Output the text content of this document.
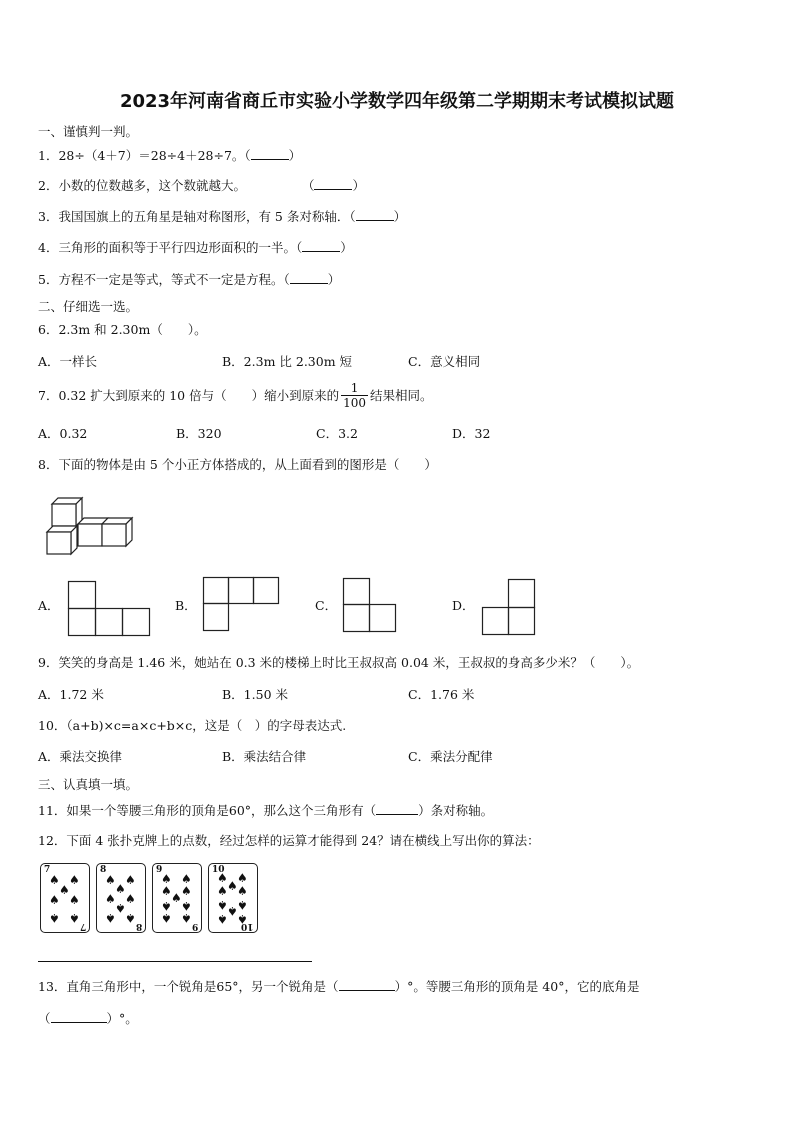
2023年河南省商丘市实验小学数学四年级第二学期期末考试模拟试题
一、谨慎判一判。
1．28÷（4＋7）＝28÷4＋28÷7。（	）
2．小数的位数越多，这个数就越大。	（	）
3．我国国旗上的五角星是轴对称图形，有 5 条对称轴．（	）
4．三角形的面积等于平行四边形面积的一半。（	）
5．方程不一定是等式，等式不一定是方程。（	）
二、仔细选一选。
6．2.3m 和 2.30m（　　）。
A．一样长	B．2.3m 比 2.30m 短	C．意义相同
7．0.32 扩大到原来的 10 倍与（　　）缩小到原来的 $\frac{1}{100}$ 结果相同。
A．0.32	B．320	C．3.2	D．32
8．下面的物体是由 5 个小正方体搭成的，从上面看到的图形是（　　）
A．	B．	C．	D．
9．笑笑的身高是 1.46 米，她站在 0.3 米的楼梯上时比王叔叔高 0.04 米，王叔叔的身高多少米？（　　）。
A．1.72 米	B．1.50 米	C．1.76 米
10．（a+b)×c=a×c+b×c，这是（　）的字母表达式.
A．乘法交换律	B．乘法结合律	C．乘法分配律
三、认真填一填。
11．如果一个等腰三角形的顶角是60°，那么这个三角形有（	）条对称轴。
12．下面 4 张扑克牌上的点数，经过怎样的运算才能得到 24？请在横线上写出你的算法：
7
7
♠ ♠
♠
♠ ♠
♠ ♠
8
8
♠ ♠
♠
♠ ♠
♠
♠ ♠
9
9
♠ ♠
♠ ♠
♠
♠ ♠
♠ ♠
10
10
♠ ♠
♠
♠ ♠
♠ ♠
♠
♠ ♠
13．直角三角形中，一个锐角是65°，另一个锐角是（	）°。等腰三角形的顶角是 40°，它的底角是
（	）°。
